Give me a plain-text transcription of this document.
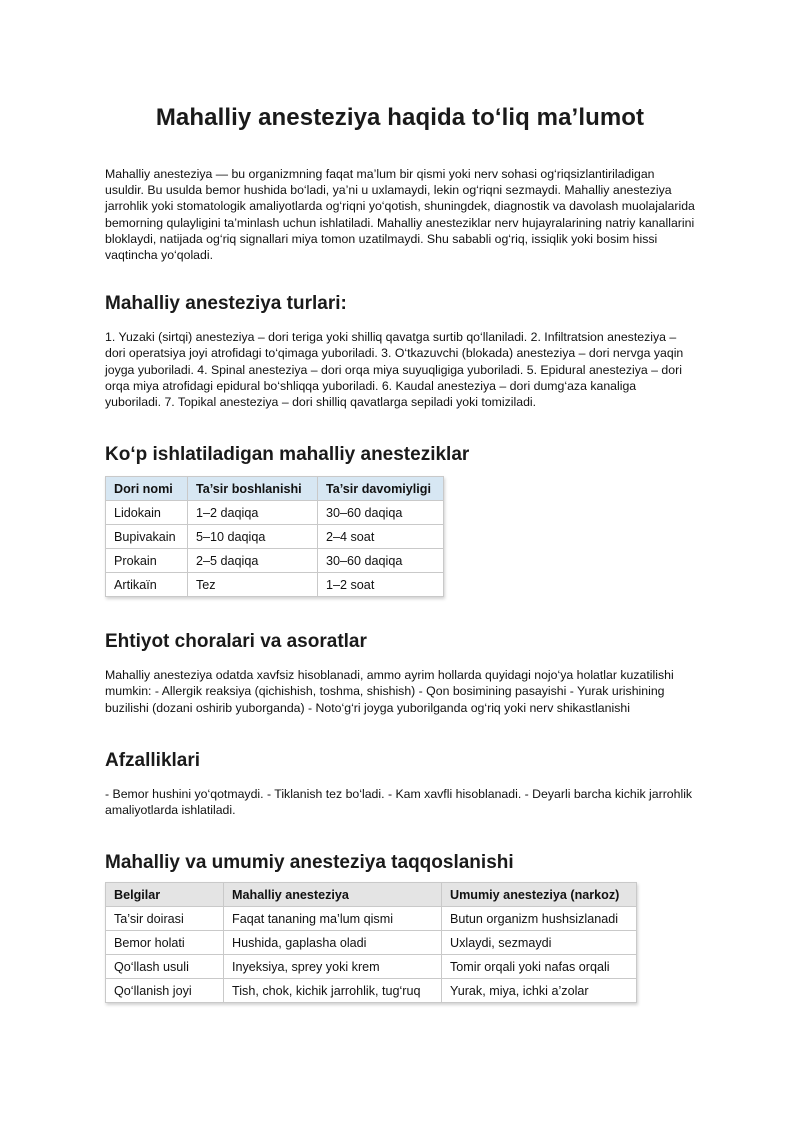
Mahalliy anesteziya haqida to‘liq ma’lumot

Mahalliy anesteziya — bu organizmning faqat ma’lum bir qismi yoki nerv sohasi og‘riqsizlantiriladigan usuldir. Bu usulda bemor hushida bo‘ladi, ya’ni u uxlamaydi, lekin og‘riqni sezmaydi. Mahalliy anesteziya jarrohlik yoki stomatologik amaliyotlarda og‘riqni yo‘qotish, shuningdek, diagnostik va davolash muolajalarida bemorning qulayligini ta’minlash uchun ishlatiladi. Mahalliy anesteziklar nerv hujayralarining natriy kanallarini bloklaydi, natijada og‘riq signallari miya tomon uzatilmaydi. Shu sababli og‘riq, issiqlik yoki bosim hissi vaqtincha yo‘qoladi.

Mahalliy anesteziya turlari:

1. Yuzaki (sirtqi) anesteziya – dori teriga yoki shilliq qavatga surtib qo‘llaniladi. 2. Infiltratsion anesteziya – dori operatsiya joyi atrofidagi to‘qimaga yuboriladi. 3. O‘tkazuvchi (blokada) anesteziya – dori nervga yaqin joyga yuboriladi. 4. Spinal anesteziya – dori orqa miya suyuqligiga yuboriladi. 5. Epidural anesteziya – dori orqa miya atrofidagi epidural bo‘shliqqa yuboriladi. 6. Kaudal anesteziya – dori dumg‘aza kanaliga yuboriladi. 7. Topikal anesteziya – dori shilliq qavatlarga sepiladi yoki tomiziladi.

Ko‘p ishlatiladigan mahalliy anesteziklar
Dori nomi	Ta’sir boshlanishi	Ta’sir davomiyligi
Lidokain	1–2 daqiqa	30–60 daqiqa
Bupivakain	5–10 daqiqa	2–4 soat
Prokain	2–5 daqiqa	30–60 daqiqa
Artikaïn	Tez	1–2 soat
Ehtiyot choralari va asoratlar

Mahalliy anesteziya odatda xavfsiz hisoblanadi, ammo ayrim hollarda quyidagi nojo‘ya holatlar kuzatilishi mumkin: - Allergik reaksiya (qichishish, toshma, shishish) - Qon bosimining pasayishi - Yurak urishining buzilishi (dozani oshirib yuborganda) - Noto‘g‘ri joyga yuborilganda og‘riq yoki nerv shikastlanishi

Afzalliklari

- Bemor hushini yo‘qotmaydi. - Tiklanish tez bo‘ladi. - Kam xavfli hisoblanadi. - Deyarli barcha kichik jarrohlik amaliyotlarda ishlatiladi.

Mahalliy va umumiy anesteziya taqqoslanishi
Belgilar	Mahalliy anesteziya	Umumiy anesteziya (narkoz)
Ta’sir doirasi	Faqat tananing ma’lum qismi	Butun organizm hushsizlanadi
Bemor holati	Hushida, gaplasha oladi	Uxlaydi, sezmaydi
Qo‘llash usuli	Inyeksiya, sprey yoki krem	Tomir orqali yoki nafas orqali
Qo‘llanish joyi	Tish, chok, kichik jarrohlik, tug‘ruq	Yurak, miya, ichki a’zolar
